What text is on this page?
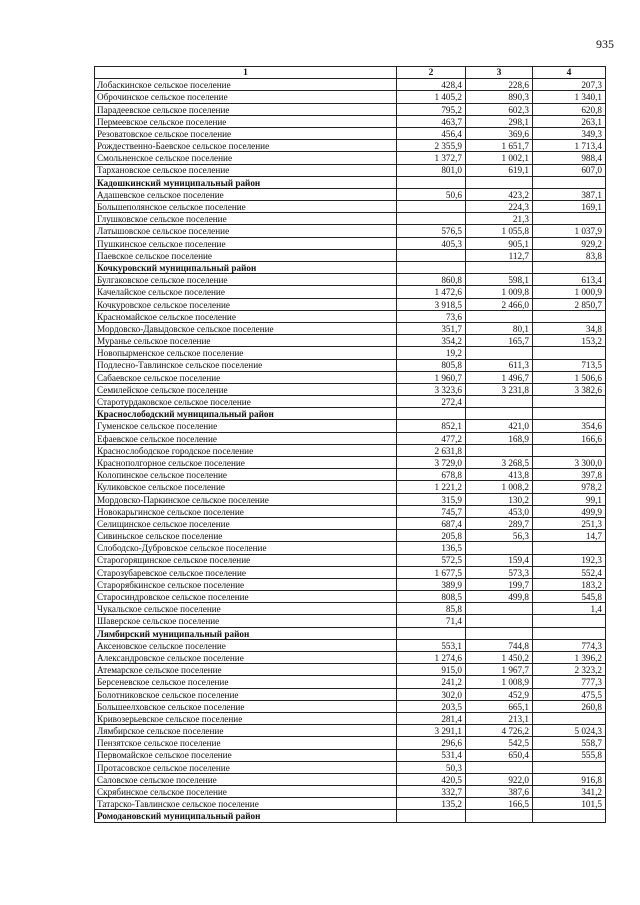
935
1	2	3	4
Лобаскинское сельское поселение	428,4	228,6	207,3
Оброчинское сельское поселение	1 405,2	890,3	1 340,1
Парадеевское сельское поселение	795,2	602,3	620,8
Пермеевское сельское поселение	463,7	298,1	263,1
Резоватовское сельское поселение	456,4	369,6	349,3
Рождественно-Баевское сельское поселение	2 355,9	1 651,7	1 713,4
Смольненское сельское поселение	1 372,7	1 002,1	988,4
Тархановское сельское поселение	801,0	619,1	607,0
Кадошкинский муниципальный район			
Адашевское сельское поселение	50,6	423,2	387,1
Большеполянское сельское поселение		224,3	169,1
Глушковское сельское поселение		21,3	
Латышовское сельское поселение	576,5	1 055,8	1 037,9
Пушкинское сельское поселение	405,3	905,1	929,2
Паевское сельское поселение		112,7	83,8
Кочкуровский муниципальный район			
Булгаковское сельское поселение	860,8	598,1	613,4
Качелайское сельское поселение	1 472,6	1 009,8	1 000,9
Кочкуровское сельское поселение	3 918,5	2 466,0	2 850,7
Красномайское сельское поселение	73,6		
Мордовско-Давыдовское сельское поселение	351,7	80,1	34,8
Муранье сельское поселение	354,2	165,7	153,2
Новопырменское сельское поселение	19,2		
Подлесно-Тавлинское сельское поселение	805,8	611,3	713,5
Сабаевское сельское поселение	1 960,7	1 496,7	1 506,6
Семилейское сельское поселение	3 323,6	3 231,8	3 382,6
Старотурдаковское сельское поселение	272,4		
Краснослободский муниципальный район			
Гуменское сельское поселение	852,1	421,0	354,6
Ефаевское сельское поселение	477,2	168,9	166,6
Краснослободское городское поселение	2 631,8		
Краснополгорное сельское поселение	3 729,0	3 268,5	3 300,0
Колопинское сельское поселение	678,8	413,8	397,8
Куликовское сельское поселение	1 221,2	1 008,2	978,2
Мордовско-Паркинское сельское поселение	315,9	130,2	99,1
Новокарьгинское сельское поселение	745,7	453,0	499,9
Селищинское сельское поселение	687,4	289,7	251,3
Сивиньское сельское поселение	205,8	56,3	14,7
Слободско-Дубровское сельское поселение	136,5		
Старогорящинское сельское поселение	572,5	159,4	192,3
Старозубаревское сельское поселение	1 677,5	573,3	552,4
Старорябкинское сельское поселение	389,9	199,7	183,2
Старосиндровское сельское поселение	808,5	499,8	545,8
Чукальское сельское поселение	85,8		1,4
Шаверское сельское поселение	71,4		
Лямбирский муниципальный район			
Аксеновское сельское поселение	553,1	744,8	774,3
Александровское сельское поселение	1 274,6	1 450,2	1 396,2
Атемарское сельское поселение	915,0	1 967,7	2 323,2
Берсеневское сельское поселение	241,2	1 008,9	777,3
Болотниковское сельское поселение	302,0	452,9	475,5
Большеелховское сельское поселение	203,5	665,1	260,8
Кривозерьевское сельское поселение	281,4	213,1	
Лямбирское сельское поселение	3 291,1	4 726,2	5 024,3
Пензятское сельское поселение	296,6	542,5	558,7
Первомайское сельское поселение	531,4	650,4	555,8
Протасовское сельское поселение	50,3		
Саловское сельское поселение	420,5	922,0	916,8
Скрябинское сельское поселение	332,7	387,6	341,2
Татарско-Тавлинское сельское поселение	135,2	166,5	101,5
Ромодановский муниципальный район			
